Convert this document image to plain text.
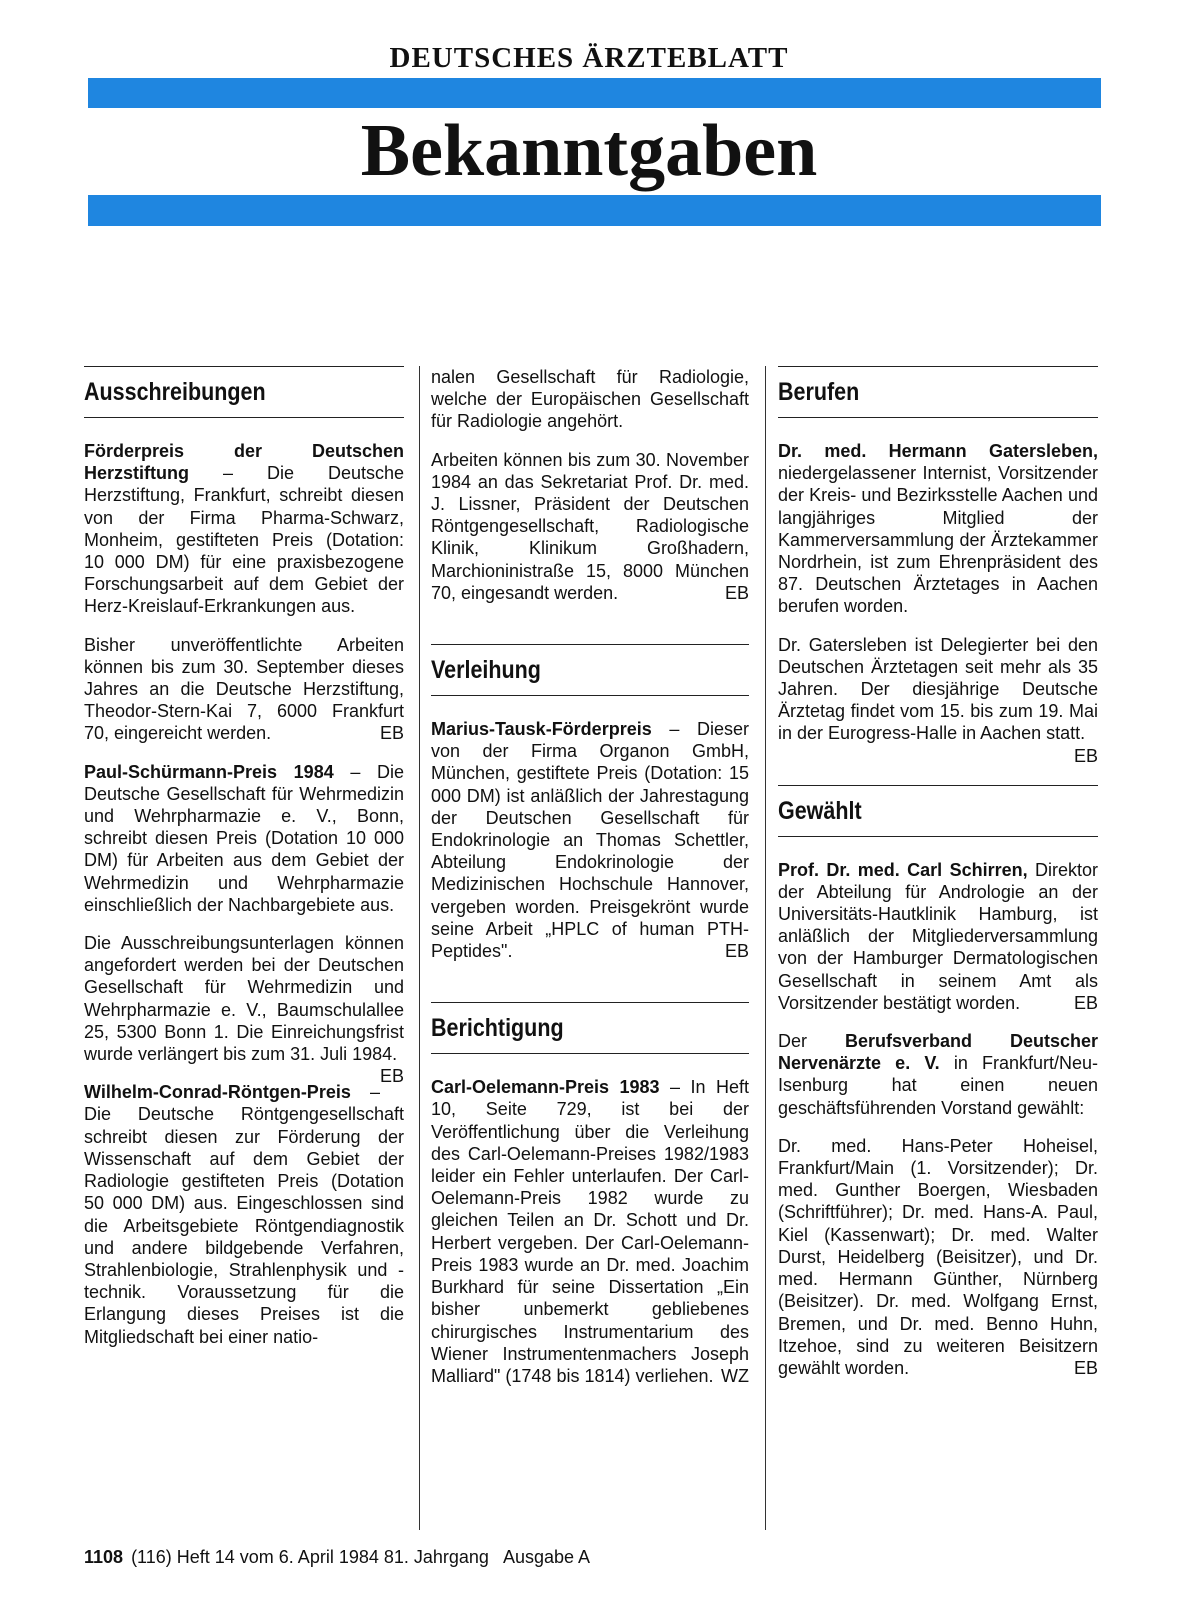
DEUTSCHES ÄRZTEBLATT
Bekanntgaben
Ausschreibungen

Förderpreis der Deutschen Herzstiftung – Die Deutsche Herzstiftung, Frankfurt, schreibt diesen von der Firma Pharma-Schwarz, Monheim, gestifteten Preis (Dotation: 10 000 DM) für eine praxisbezogene Forschungsarbeit auf dem Gebiet der Herz-Kreislauf-Erkrankungen aus.

Bisher unveröffentlichte Arbeiten können bis zum 30. September dieses Jahres an die Deutsche Herzstiftung, Theodor-Stern-Kai 7, 6000 Frankfurt 70, eingereicht werden.	EB

Paul-Schürmann-Preis 1984 – Die Deutsche Gesellschaft für Wehrmedizin und Wehrpharmazie e. V., Bonn, schreibt diesen Preis (Dotation 10 000 DM) für Arbeiten aus dem Gebiet der Wehrmedizin und Wehrpharmazie einschließlich der Nachbargebiete aus.

Die Ausschreibungsunterlagen können angefordert werden bei der Deutschen Gesellschaft für Wehrmedizin und Wehrpharmazie e. V., Baumschulallee 25, 5300 Bonn 1. Die Einreichungsfrist wurde verlängert bis zum 31. Juli 1984.
EB

Wilhelm-Conrad-Röntgen-Preis – Die Deutsche Röntgengesellschaft schreibt diesen zur Förderung der Wissenschaft auf dem Gebiet der Radiologie gestifteten Preis (Dotation 50 000 DM) aus. Eingeschlossen sind die Arbeitsgebiete Röntgendiagnostik und andere bildgebende Verfahren, Strahlenbiologie, Strahlenphysik und -technik. Voraussetzung für die Erlangung dieses Preises ist die Mitgliedschaft bei einer natio-

nalen Gesellschaft für Radiologie, welche der Europäischen Gesellschaft für Radiologie angehört.

Arbeiten können bis zum 30. November 1984 an das Sekretariat Prof. Dr. med. J. Lissner, Präsident der Deutschen Röntgengesellschaft, Radiologische Klinik, Klinikum Großhadern, Marchioninistraße 15, 8000 München 70, eingesandt werden.	EB

Verleihung

Marius-Tausk-Förderpreis – Dieser von der Firma Organon GmbH, München, gestiftete Preis (Dotation: 15 000 DM) ist anläßlich der Jahrestagung der Deutschen Gesellschaft für Endokrinologie an Thomas Schettler, Abteilung Endokrinologie der Medizinischen Hochschule Hannover, vergeben worden. Preisgekrönt wurde seine Arbeit „HPLC of human PTH-Peptides".	EB

Berichtigung

Carl-Oelemann-Preis 1983 – In Heft 10, Seite 729, ist bei der Veröffentlichung über die Verleihung des Carl-Oelemann-Preises 1982/1983 leider ein Fehler unterlaufen. Der Carl-Oelemann-Preis 1982 wurde zu gleichen Teilen an Dr. Schott und Dr. Herbert vergeben. Der Carl-Oelemann-Preis 1983 wurde an Dr. med. Joachim Burkhard für seine Dissertation „Ein bisher unbemerkt gebliebenes chirurgisches Instrumentarium des Wiener Instrumentenmachers Joseph Malliard" (1748 bis 1814) verliehen. WZ

Berufen

Dr. med. Hermann Gatersleben, niedergelassener Internist, Vorsitzender der Kreis- und Bezirksstelle Aachen und langjähriges Mitglied der Kammerversammlung der Ärztekammer Nordrhein, ist zum Ehrenpräsident des 87. Deutschen Ärztetages in Aachen berufen worden.

Dr. Gatersleben ist Delegierter bei den Deutschen Ärztetagen seit mehr als 35 Jahren. Der diesjährige Deutsche Ärztetag findet vom 15. bis zum 19. Mai in der Eurogress-Halle in Aachen statt.
EB

Gewählt

Prof. Dr. med. Carl Schirren, Direktor der Abteilung für Andrologie an der Universitäts-Hautklinik Hamburg, ist anläßlich der Mitgliederversammlung von der Hamburger Dermatologischen Gesellschaft in seinem Amt als Vorsitzender bestätigt worden.	EB

Der Berufsverband Deutscher Nervenärzte e. V. in Frankfurt/Neu-Isenburg hat einen neuen geschäftsführenden Vorstand gewählt:

Dr. med. Hans-Peter Hoheisel, Frankfurt/Main (1. Vorsitzender); Dr. med. Gunther Boergen, Wiesbaden (Schriftführer); Dr. med. Hans-A. Paul, Kiel (Kassenwart); Dr. med. Walter Durst, Heidelberg (Beisitzer), und Dr. med. Hermann Günther, Nürnberg (Beisitzer). Dr. med. Wolfgang Ernst, Bremen, und Dr. med. Benno Huhn, Itzehoe, sind zu weiteren Beisitzern gewählt worden.	EB

1108 (116) Heft 14 vom 6. April 1984 81. Jahrgang   Ausgabe A
